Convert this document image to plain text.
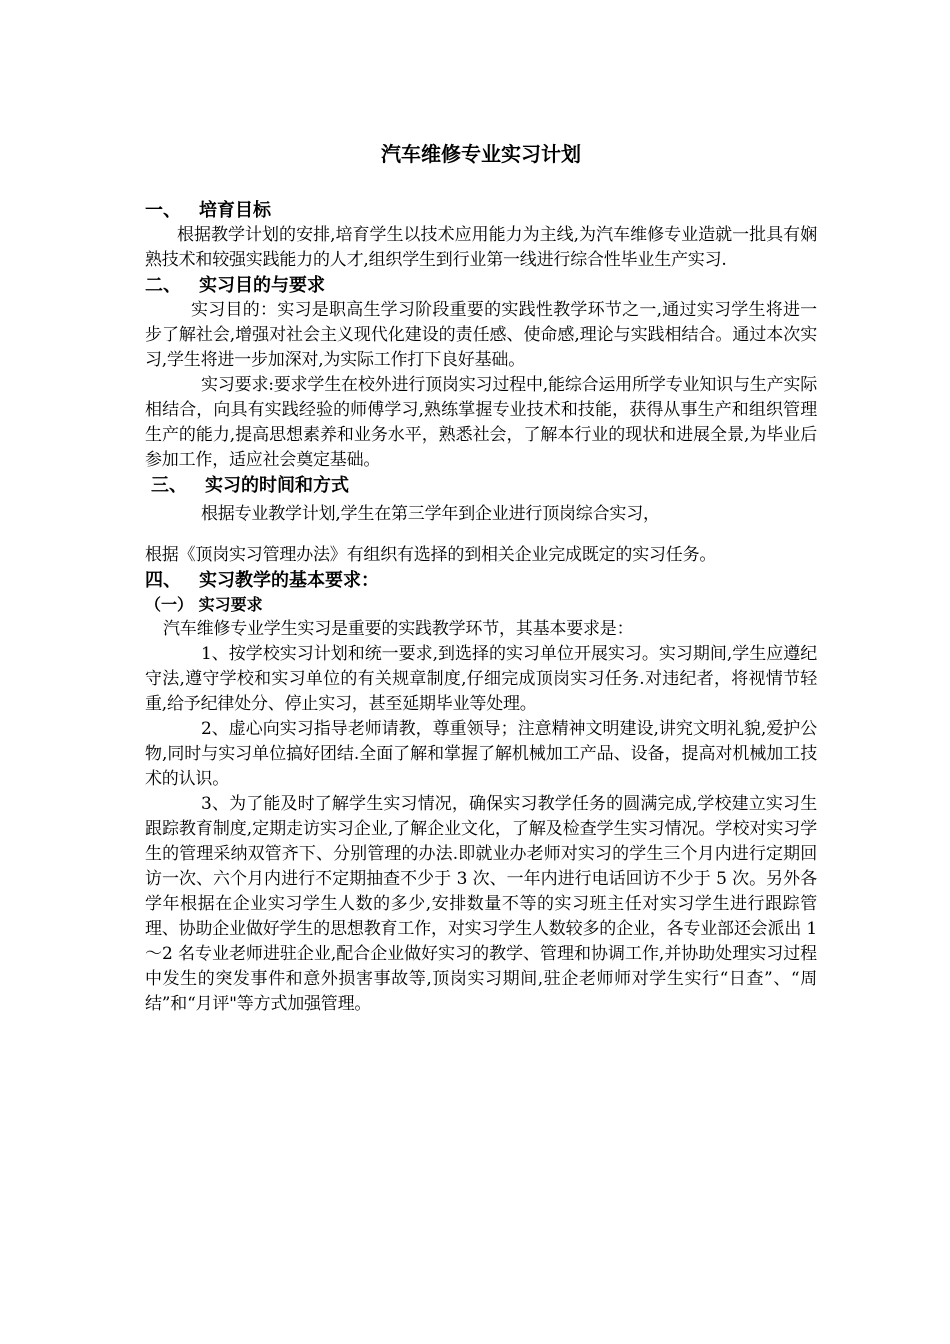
汽车维修专业实习计划
一、 培育目标

根据教学计划的安排,培育学生以技术应用能力为主线,为汽车维修专业造就一批具有娴熟技术和较强实践能力的人才,组织学生到行业第一线进行综合性毕业生产实习.

二、 实习目的与要求

实习目的：实习是职高生学习阶段重要的实践性教学环节之一,通过实习学生将进一步了解社会,增强对社会主义现代化建设的责任感、使命感,理论与实践相结合。通过本次实习,学生将进一步加深对,为实际工作打下良好基础。

实习要求:要求学生在校外进行顶岗实习过程中,能综合运用所学专业知识与生产实际相结合，向具有实践经验的师傅学习,熟练掌握专业技术和技能，获得从事生产和组织管理生产的能力,提高思想素养和业务水平，熟悉社会，了解本行业的现状和进展全景,为毕业后参加工作，适应社会奠定基础。

三、 实习的时间和方式

根据专业教学计划,学生在第三学年到企业进行顶岗综合实习，

根据《顶岗实习管理办法》有组织有选择的到相关企业完成既定的实习任务。

四、 实习教学的基本要求：
（一） 实习要求

汽车维修专业学生实习是重要的实践教学环节，其基本要求是：

1、按学校实习计划和统一要求,到选择的实习单位开展实习。实习期间,学生应遵纪守法,遵守学校和实习单位的有关规章制度,仔细完成顶岗实习任务.对违纪者，将视情节轻重,给予纪律处分、停止实习，甚至延期毕业等处理。

2、虚心向实习指导老师请教，尊重领导；注意精神文明建设,讲究文明礼貌,爱护公物,同时与实习单位搞好团结.全面了解和掌握了解机械加工产品、设备，提高对机械加工技术的认识。

3、为了能及时了解学生实习情况，确保实习教学任务的圆满完成,学校建立实习生跟踪教育制度,定期走访实习企业,了解企业文化，了解及检查学生实习情况。学校对实习学生的管理采纳双管齐下、分别管理的办法.即就业办老师对实习的学生三个月内进行定期回访一次、六个月内进行不定期抽查不少于 3 次、一年内进行电话回访不少于 5 次。另外各学年根据在企业实习学生人数的多少,安排数量不等的实习班主任对实习学生进行跟踪管理、协助企业做好学生的思想教育工作，对实习学生人数较多的企业，各专业部还会派出 1～2 名专业老师进驻企业,配合企业做好实习的教学、管理和协调工作,并协助处理实习过程中发生的突发事件和意外损害事故等,顶岗实习期间,驻企老师师对学生实行“日查”、“周结”和“月评"等方式加强管理。
